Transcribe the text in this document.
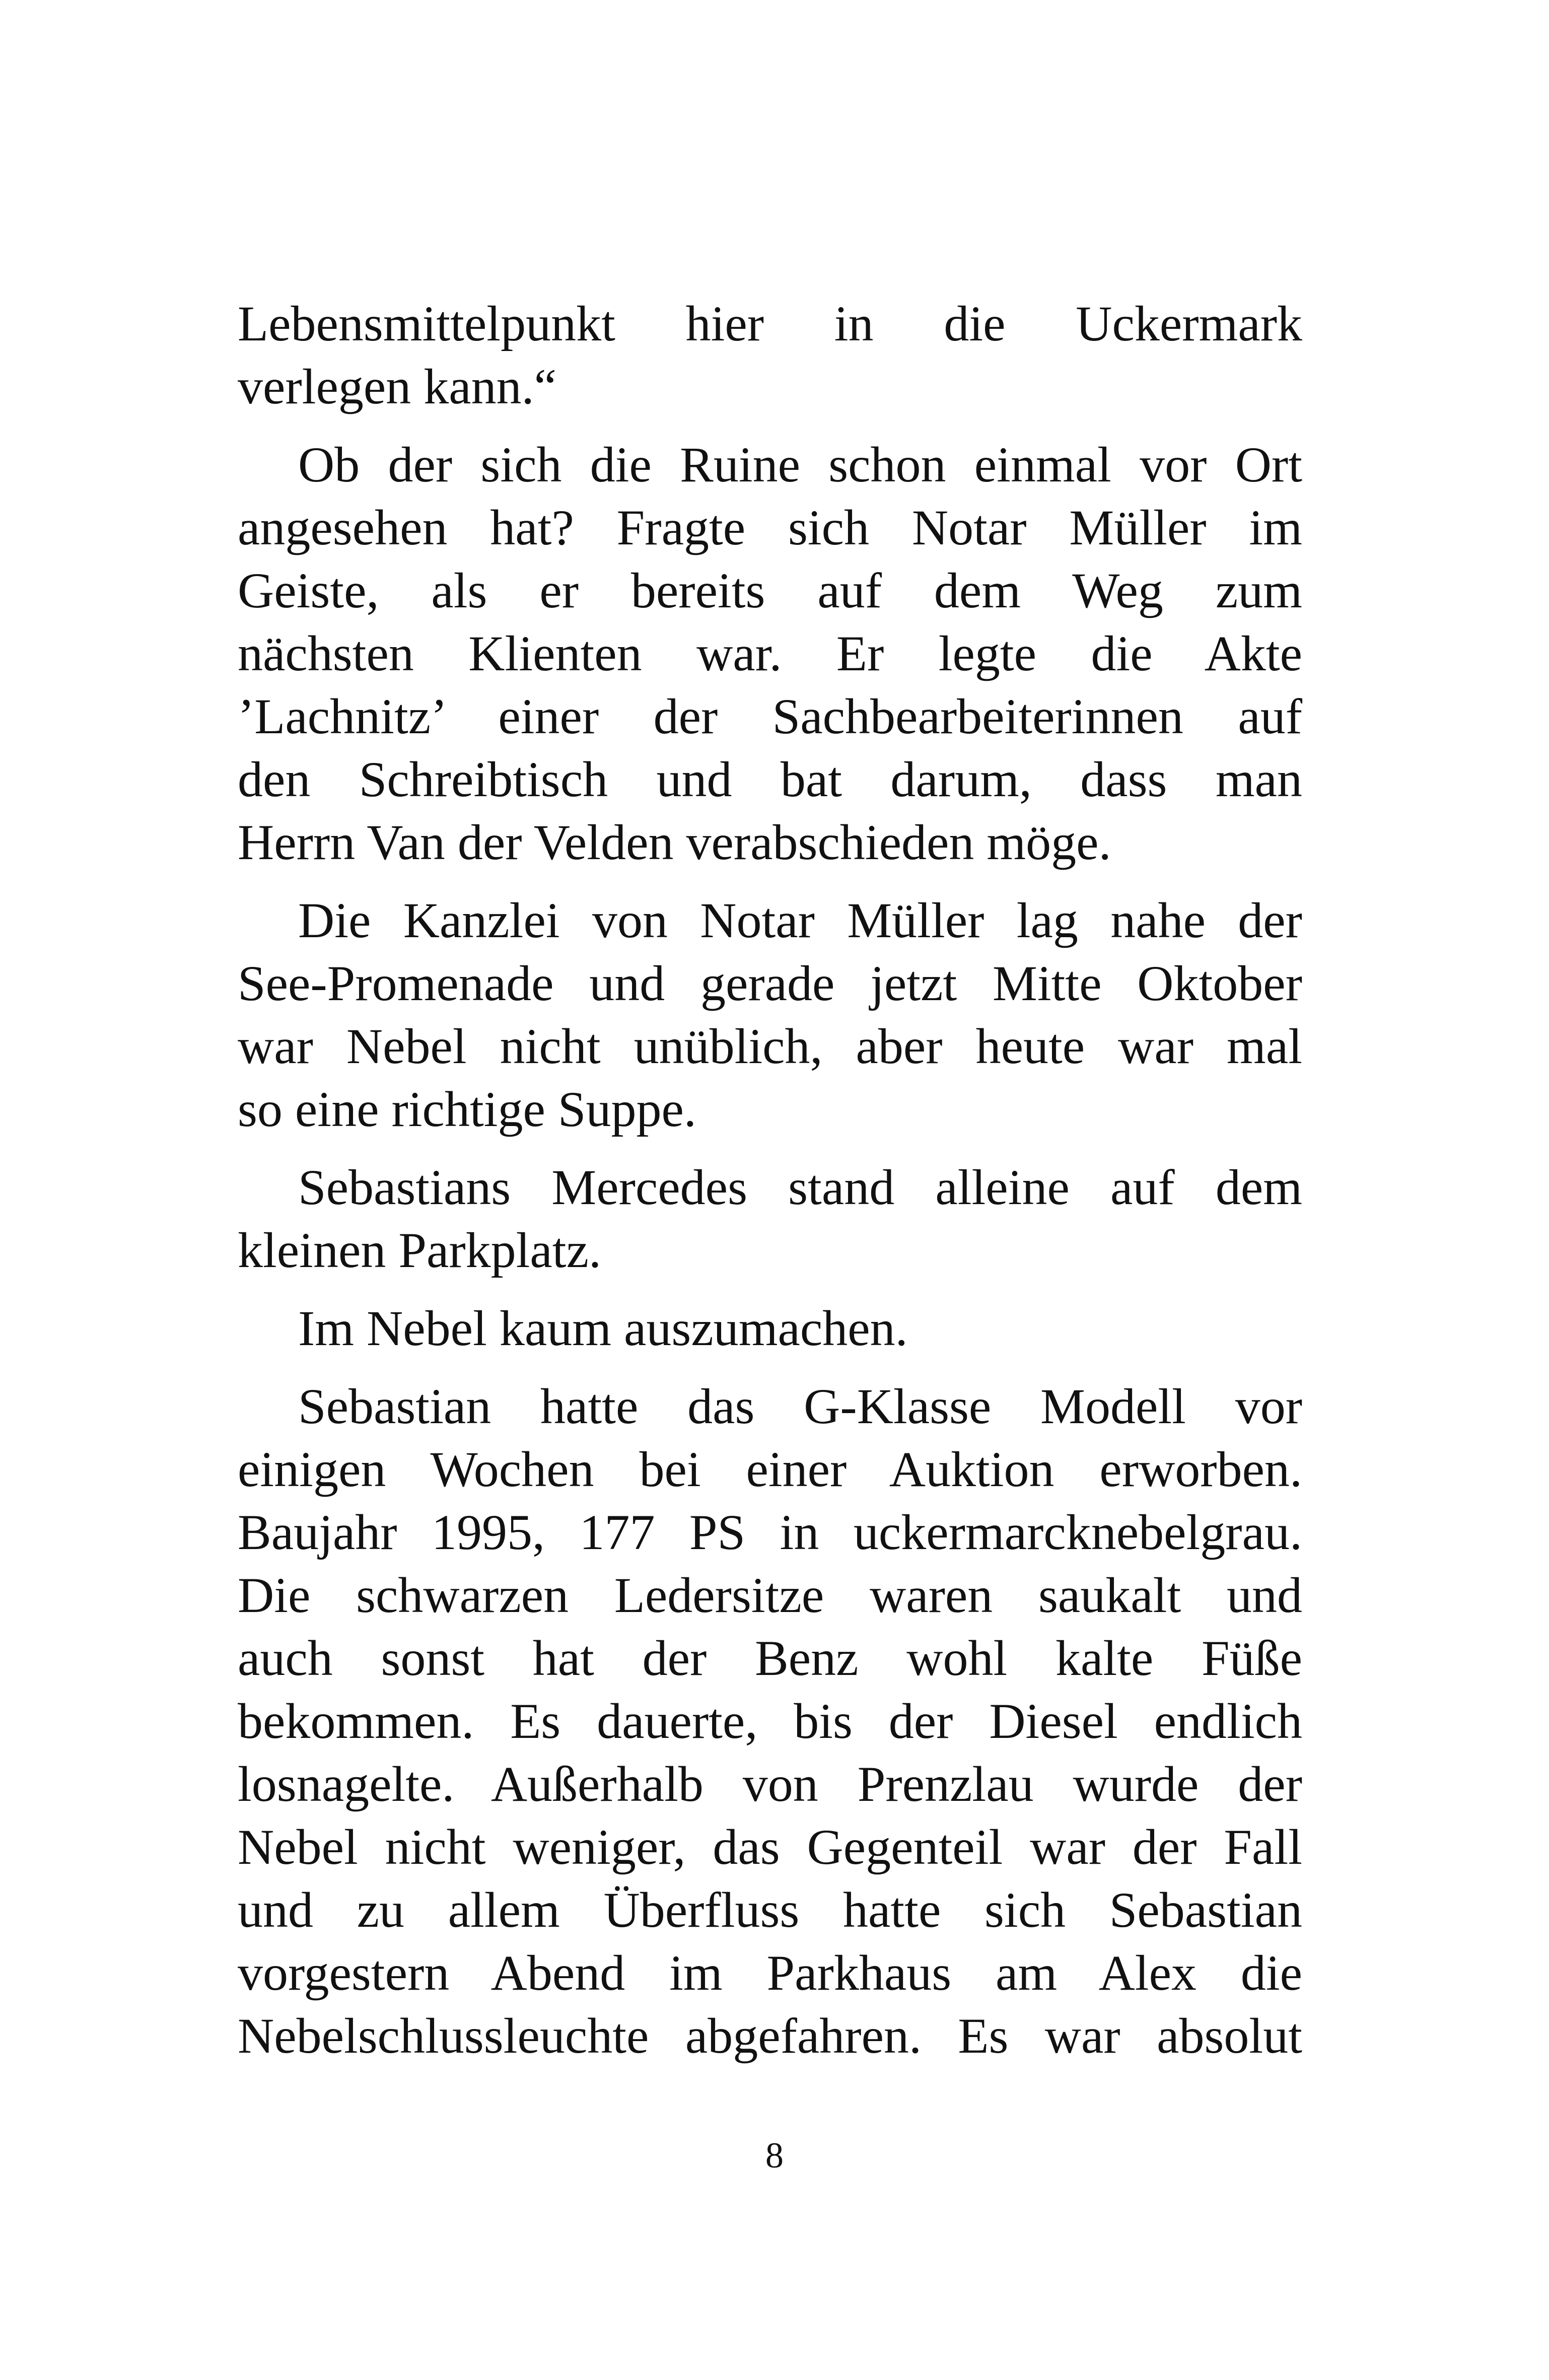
Lebensmittelpunkt hier in die Uckermark
verlegen kann.“
Ob der sich die Ruine schon einmal vor Ort
angesehen hat? Fragte sich Notar Müller im
Geiste, als er bereits auf dem Weg zum
nächsten Klienten war. Er legte die Akte
’Lachnitz’ einer der Sachbearbeiterinnen auf
den Schreibtisch und bat darum, dass man
Herrn Van der Velden verabschieden möge.
Die Kanzlei von Notar Müller lag nahe der
See-Promenade und gerade jetzt Mitte Oktober
war Nebel nicht unüblich, aber heute war mal
so eine richtige Suppe.
Sebastians Mercedes stand alleine auf dem
kleinen Parkplatz.
Im Nebel kaum auszumachen.
Sebastian hatte das G-Klasse Modell vor
einigen Wochen bei einer Auktion erworben.
Baujahr 1995, 177 PS in uckermarcknebelgrau.
Die schwarzen Ledersitze waren saukalt und
auch sonst hat der Benz wohl kalte Füße
bekommen. Es dauerte, bis der Diesel endlich
losnagelte. Außerhalb von Prenzlau wurde der
Nebel nicht weniger, das Gegenteil war der Fall
und zu allem Überfluss hatte sich Sebastian
vorgestern Abend im Parkhaus am Alex die
Nebelschlussleuchte abgefahren. Es war absolut
8
